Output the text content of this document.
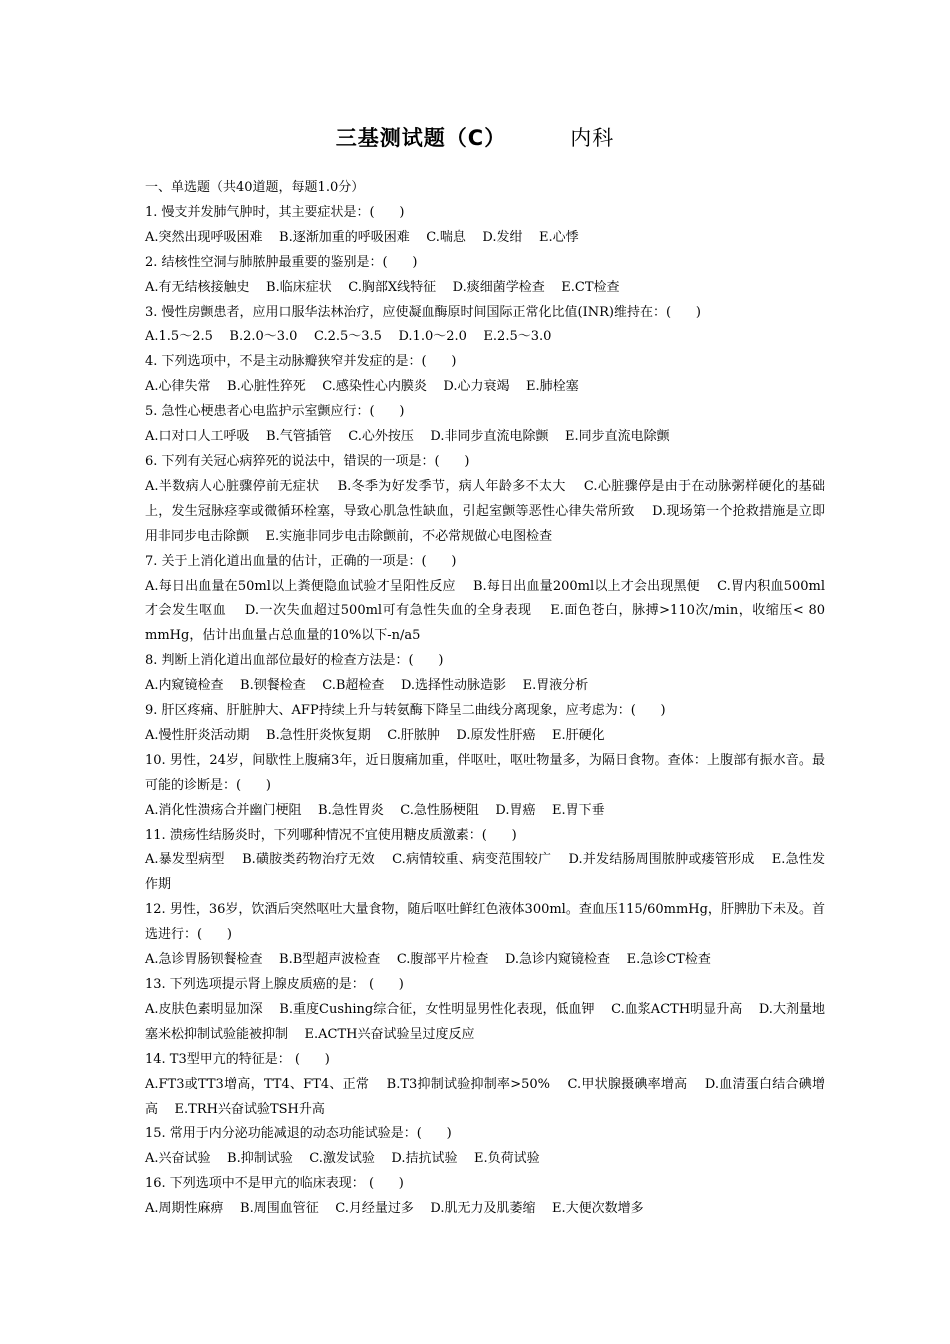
三基测试题（C）	内科

一、单选题（共40道题，每题1.0分）

1. 慢支并发肺气肿时，其主要症状是：(      )

A.突然出现呼吸困难    B.逐渐加重的呼吸困难    C.喘息    D.发绀    E.心悸

2. 结核性空洞与肺脓肿最重要的鉴别是：(      )

A.有无结核接触史    B.临床症状    C.胸部X线特征    D.痰细菌学检查    E.CT检查

3. 慢性房颤患者，应用口服华法林治疗，应使凝血酶原时间国际正常化比值(INR)维持在：(      )

A.1.5～2.5    B.2.0～3.0    C.2.5～3.5    D.1.0～2.0    E.2.5～3.0

4. 下列选项中，不是主动脉瓣狭窄并发症的是：(      )

A.心律失常    B.心脏性猝死    C.感染性心内膜炎    D.心力衰竭    E.肺栓塞

5. 急性心梗患者心电监护示室颤应行：(      )

A.口对口人工呼吸    B.气管插管    C.心外按压    D.非同步直流电除颤    E.同步直流电除颤

6. 下列有关冠心病猝死的说法中，错误的一项是：(      )

A.半数病人心脏骤停前无症状    B.冬季为好发季节，病人年龄多不太大    C.心脏骤停是由于在动脉粥样硬化的基础上，发生冠脉痉挛或微循环栓塞，导致心肌急性缺血，引起室颤等恶性心律失常所致    D.现场第一个抢救措施是立即用非同步电击除颤    E.实施非同步电击除颤前，不必常规做心电图检查

7. 关于上消化道出血量的估计，正确的一项是：(      )

A.每日出血量在50ml以上粪便隐血试验才呈阳性反应    B.每日出血量200ml以上才会出现黑便    C.胃内积血500ml才会发生呕血    D.一次失血超过500ml可有急性失血的全身表现    E.面色苍白，脉搏>110次/min，收缩压< 80 mmHg，估计出血量占总血量的10%以下-n/a5

8. 判断上消化道出血部位最好的检查方法是：(      )

A.内窥镜检查    B.钡餐检查    C.B超检查    D.选择性动脉造影    E.胃液分析

9. 肝区疼痛、肝脏肿大、AFP持续上升与转氨酶下降呈二曲线分离现象，应考虑为：(      )

A.慢性肝炎活动期    B.急性肝炎恢复期    C.肝脓肿    D.原发性肝癌    E.肝硬化

10. 男性，24岁，间歇性上腹痛3年，近日腹痛加重，伴呕吐，呕吐物量多，为隔日食物。查体：上腹部有振水音。最可能的诊断是：(      )

A.消化性溃疡合并幽门梗阻    B.急性胃炎    C.急性肠梗阻    D.胃癌    E.胃下垂

11. 溃疡性结肠炎时，下列哪种情况不宜使用糖皮质激素：(      )

A.暴发型病型    B.磺胺类药物治疗无效    C.病情较重、病变范围较广    D.并发结肠周围脓肿或瘘管形成    E.急性发作期

12. 男性，36岁，饮酒后突然呕吐大量食物，随后呕吐鲜红色液体300ml。查血压115/60mmHg，肝脾肋下未及。首选进行：(      )

A.急诊胃肠钡餐检查    B.B型超声波检查    C.腹部平片检查    D.急诊内窥镜检查    E.急诊CT检查

13. 下列选项提示肾上腺皮质癌的是： (      )

A.皮肤色素明显加深    B.重度Cushing综合征，女性明显男性化表现，低血钾    C.血浆ACTH明显升高    D.大剂量地塞米松抑制试验能被抑制    E.ACTH兴奋试验呈过度反应

14. T3型甲亢的特征是： (      )

A.FT3或TT3增高，TT4、FT4、正常    B.T3抑制试验抑制率>50%    C.甲状腺摄碘率增高    D.血清蛋白结合碘增高    E.TRH兴奋试验TSH升高

15. 常用于内分泌功能减退的动态功能试验是：(      )

A.兴奋试验    B.抑制试验    C.激发试验    D.拮抗试验    E.负荷试验

16. 下列选项中不是甲亢的临床表现： (      )

A.周期性麻痹    B.周围血管征    C.月经量过多    D.肌无力及肌萎缩    E.大便次数增多
